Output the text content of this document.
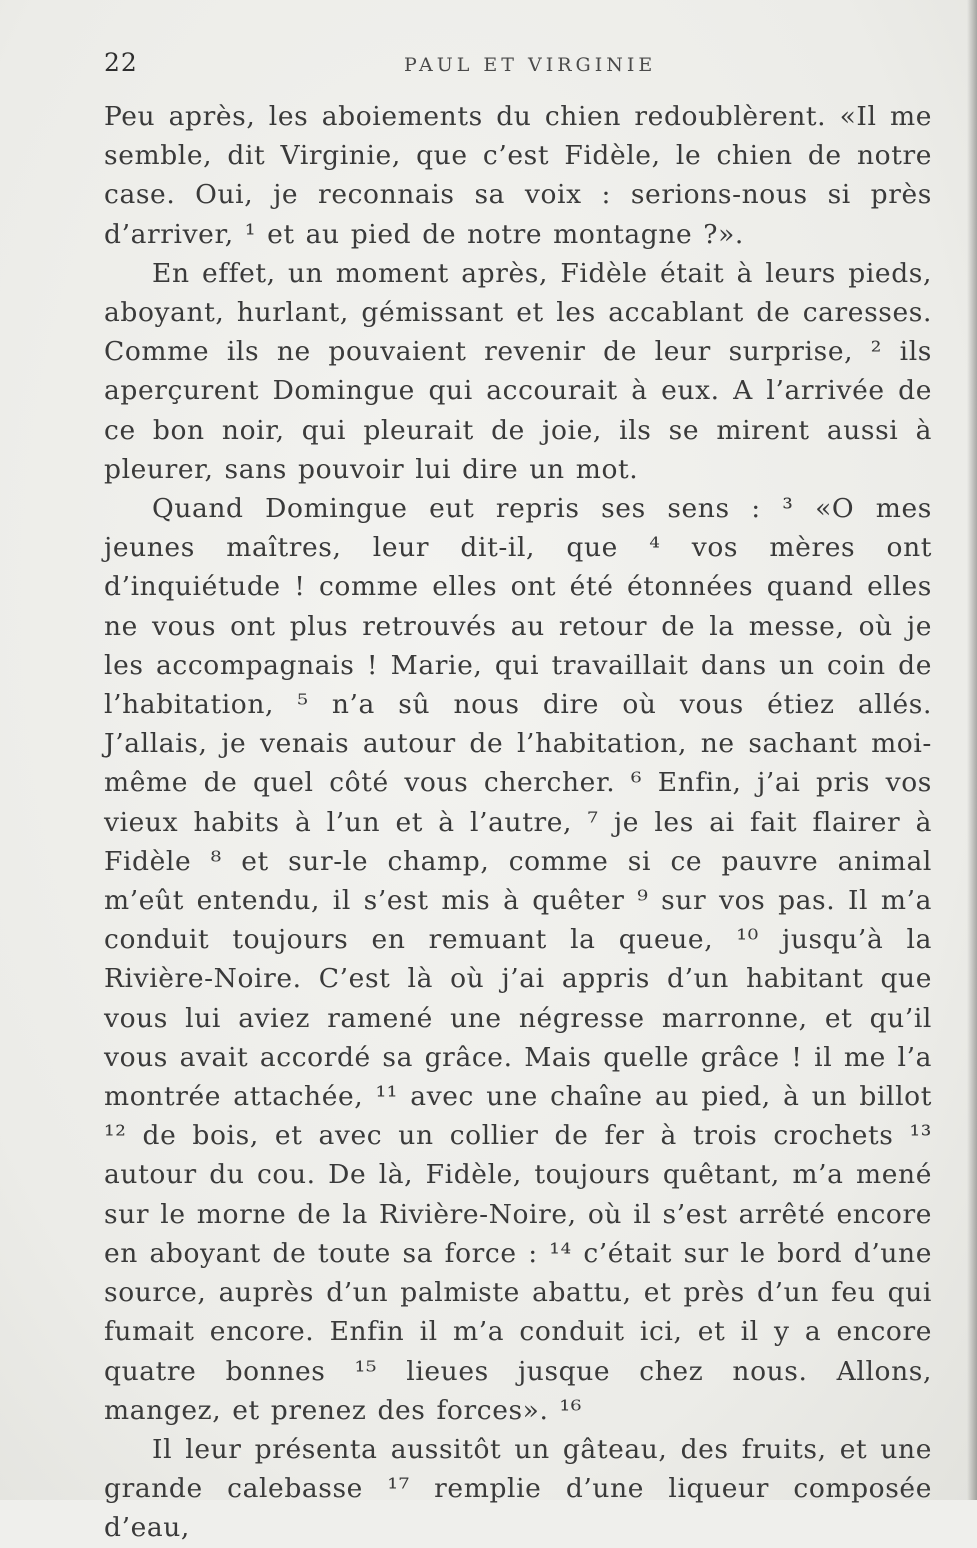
22	PAUL ET VIRGINIE

Peu après, les aboiements du chien redoublèrent. «Il me semble, dit Virginie, que c’est Fidèle, le chien de notre case. Oui, je reconnais sa voix : serions-nous si près d’arriver, ¹ et au pied de notre montagne ?».

En effet, un moment après, Fidèle était à leurs pieds, aboyant, hurlant, gémissant et les accablant de caresses. Comme ils ne pouvaient revenir de leur surprise, ² ils aperçurent Domingue qui accourait à eux. A l’arrivée de ce bon noir, qui pleurait de joie, ils se mirent aussi à pleurer, sans pouvoir lui dire un mot.

Quand Domingue eut repris ses sens : ³ «O mes jeunes maîtres, leur dit-il, que ⁴ vos mères ont d’inquiétude ! comme elles ont été étonnées quand elles ne vous ont plus retrouvés au retour de la messe, où je les accompagnais ! Marie, qui travaillait dans un coin de l’habitation, ⁵ n’a sû nous dire où vous étiez allés. J’allais, je venais autour de l’habitation, ne sachant moi-même de quel côté vous chercher. ⁶ Enfin, j’ai pris vos vieux habits à l’un et à l’autre, ⁷ je les ai fait flairer à Fidèle ⁸ et sur-le champ, comme si ce pauvre animal m’eût entendu, il s’est mis à quêter ⁹ sur vos pas. Il m’a conduit toujours en remuant la queue, ¹⁰ jusqu’à la Rivière-Noire. C’est là où j’ai appris d’un habitant que vous lui aviez ramené une négresse marronne, et qu’il vous avait accordé sa grâce. Mais quelle grâce ! il me l’a montrée attachée, ¹¹ avec une chaîne au pied, à un billot ¹² de bois, et avec un collier de fer à trois crochets ¹³ autour du cou. De là, Fidèle, toujours quêtant, m’a mené sur le morne de la Rivière-Noire, où il s’est arrêté encore en aboyant de toute sa force : ¹⁴ c’était sur le bord d’une source, auprès d’un palmiste abattu, et près d’un feu qui fumait encore. Enfin il m’a conduit ici, et il y a encore quatre bonnes ¹⁵ lieues jusque chez nous. Allons, mangez, et prenez des forces». ¹⁶

Il leur présenta aussitôt un gâteau, des fruits, et une grande calebasse ¹⁷ remplie d’une liqueur composée d’eau,
